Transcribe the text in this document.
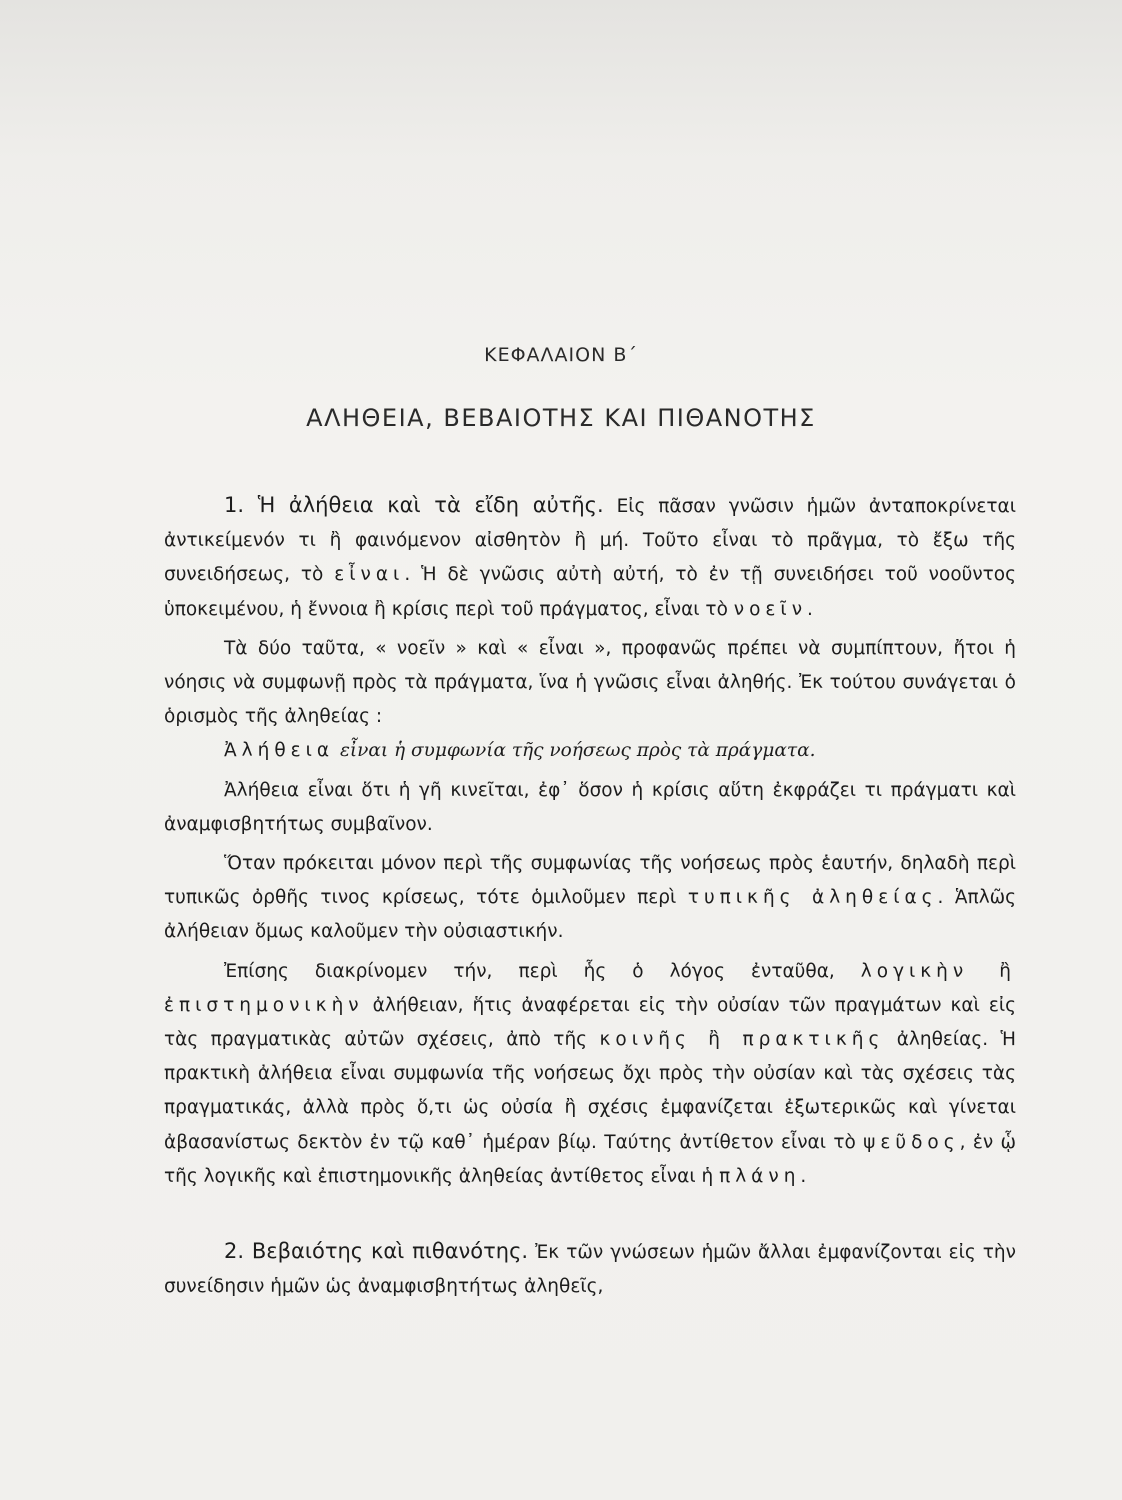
ΚΕΦΑΛΑΙΟΝ Β΄
ΑΛΗΘΕΙΑ, ΒΕΒΑΙΟΤΗΣ ΚΑΙ ΠΙΘΑΝΟΤΗΣ

1. Ἡ ἀλήθεια καὶ τὰ εἴδη αὐτῆς. Εἰς πᾶσαν γνῶσιν ἡμῶν ἀνταποκρίνεται ἀντικείμενόν τι ἢ φαινόμενον αἰσθητὸν ἢ μή. Τοῦτο εἶναι τὸ πρᾶγμα, τὸ ἔξω τῆς συνειδήσεως, τὸ εἶναι. Ἡ δὲ γνῶσις αὐτὴ αὐτή, τὸ ἐν τῇ συνειδήσει τοῦ νοοῦντος ὑποκειμένου, ἡ ἔννοια ἢ κρίσις περὶ τοῦ πράγματος, εἶναι τὸ νοεῖν.

Τὰ δύο ταῦτα, « νοεῖν » καὶ « εἶναι », προφανῶς πρέπει νὰ συμπίπτουν, ἤτοι ἡ νόησις νὰ συμφωνῇ πρὸς τὰ πράγματα, ἵνα ἡ γνῶσις εἶναι ἀληθής. Ἐκ τούτου συνάγεται ὁ ὁρισμὸς τῆς ἀληθείας :

Ἀλήθεια εἶναι ἡ συμφωνία τῆς νοήσεως πρὸς τὰ πράγματα.

Ἀλήθεια εἶναι ὅτι ἡ γῆ κινεῖται, ἐφ᾿ ὅσον ἡ κρίσις αὕτη ἐκφράζει τι πράγματι καὶ ἀναμφισβητήτως συμβαῖνον.

Ὅταν πρόκειται μόνον περὶ τῆς συμφωνίας τῆς νοήσεως πρὸς ἑαυτήν, δηλαδὴ περὶ τυπικῶς ὀρθῆς τινος κρίσεως, τότε ὁμιλοῦμεν περὶ τυπικῆς ἀληθείας. Ἁπλῶς ἀλήθειαν ὅμως καλοῦμεν τὴν οὐσιαστικήν.

Ἐπίσης διακρίνομεν τήν, περὶ ἧς ὁ λόγος ἐνταῦθα, λογικὴν ἢ ἐπιστημονικὴν ἀλήθειαν, ἥτις ἀναφέρεται εἰς τὴν οὐσίαν τῶν πραγμάτων καὶ εἰς τὰς πραγματικὰς αὐτῶν σχέσεις, ἀπὸ τῆς κοινῆς ἢ πρακτικῆς ἀληθείας. Ἡ πρακτικὴ ἀλήθεια εἶναι συμφωνία τῆς νοήσεως ὄχι πρὸς τὴν οὐσίαν καὶ τὰς σχέσεις τὰς πραγματικάς, ἀλλὰ πρὸς ὅ,τι ὡς οὐσία ἢ σχέσις ἐμφανίζεται ἐξωτερικῶς καὶ γίνεται ἀβασανίστως δεκτὸν ἐν τῷ καθ᾿ ἡμέραν βίῳ. Ταύτης ἀντίθετον εἶναι τὸ ψεῦδος, ἐν ᾧ τῆς λογικῆς καὶ ἐπιστημονικῆς ἀληθείας ἀντίθετος εἶναι ἡ πλάνη.

2. Βεβαιότης καὶ πιθανότης. Ἐκ τῶν γνώσεων ἡμῶν ἄλλαι ἐμφανίζονται εἰς τὴν συνείδησιν ἡμῶν ὡς ἀναμφισβητήτως ἀληθεῖς,
